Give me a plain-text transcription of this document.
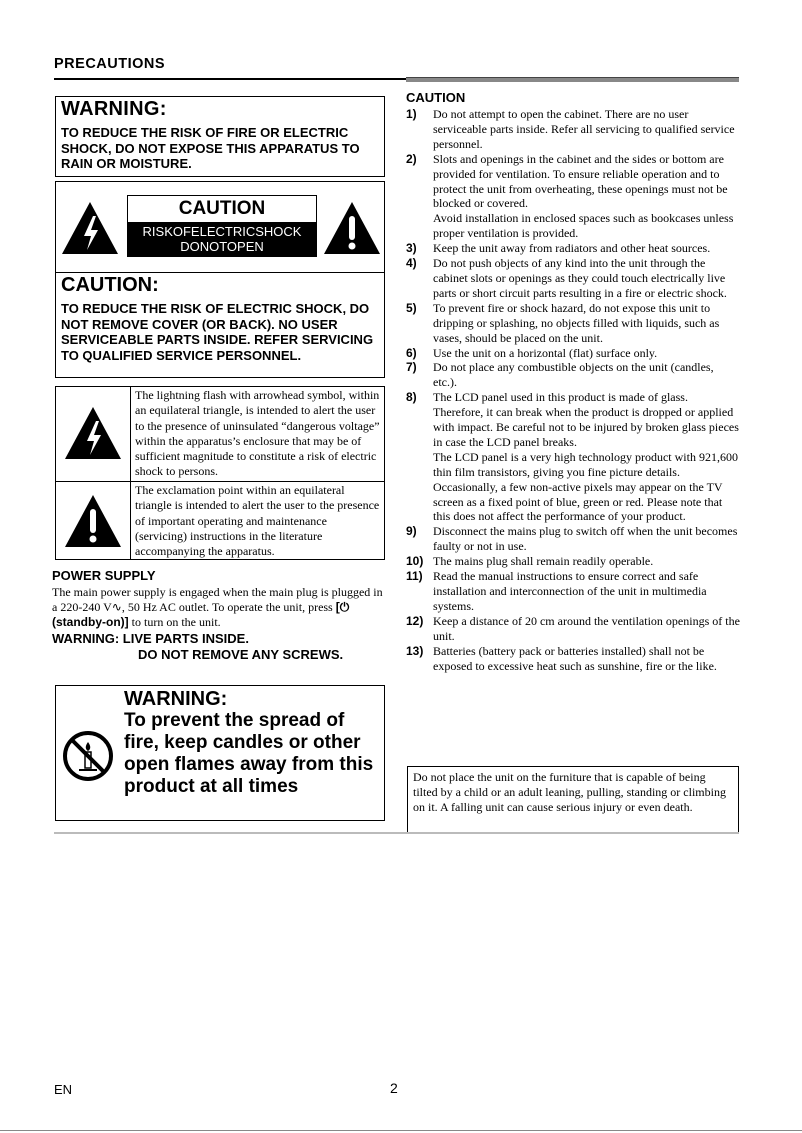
PRECAUTIONS
WARNING:
TO REDUCE THE RISK OF FIRE OR ELECTRIC SHOCK, DO NOT EXPOSE THIS APPARATUS TO RAIN OR MOISTURE.
CAUTION
RISKOFELECTRICSHOCK
DONOTOPEN
CAUTION:
TO REDUCE THE RISK OF ELECTRIC SHOCK, DO NOT REMOVE COVER (OR BACK). NO USER SERVICEABLE PARTS INSIDE. REFER SERVICING TO QUALIFIED SERVICE PERSONNEL.
The lightning flash with arrowhead symbol, within an equilateral triangle, is intended to alert the user to the presence of uninsulated “dangerous voltage” within the apparatus’s enclosure that may be of sufficient magnitude to constitute a risk of electric shock to persons.
The exclamation point within an equilateral triangle is intended to alert the user to the presence of important operating and maintenance (servicing) instructions in the literature accompanying the apparatus.
POWER SUPPLY
The main power supply is engaged when the main plug is plugged in a 220-240 V∿, 50 Hz AC outlet. To operate the unit, press [⏻ (standby-on)] to turn on the unit.
WARNING: LIVE PARTS INSIDE.
DO NOT REMOVE ANY SCREWS.
WARNING:
To prevent the spread of fire, keep candles or other open flames away from this product at all times
CAUTION
1) Do not attempt to open the cabinet. There are no user serviceable parts inside. Refer all servicing to qualified service personnel.
2) Slots and openings in the cabinet and the sides or bottom are provided for ventilation. To ensure reliable operation and to protect the unit from overheating, these openings must not be blocked or covered.
Avoid installation in enclosed spaces such as bookcases unless proper ventilation is provided.
3) Keep the unit away from radiators and other heat sources.
4) Do not push objects of any kind into the unit through the cabinet slots or openings as they could touch electrically live parts or short circuit parts resulting in a fire or electric shock.
5) To prevent fire or shock hazard, do not expose this unit to dripping or splashing, no objects filled with liquids, such as vases, should be placed on the unit.
6) Use the unit on a horizontal (flat) surface only.
7) Do not place any combustible objects on the unit (candles, etc.).
8) The LCD panel used in this product is made of glass. Therefore, it can break when the product is dropped or applied with impact. Be careful not to be injured by broken glass pieces in case the LCD panel breaks.
The LCD panel is a very high technology product with 921,600 thin film transistors, giving you fine picture details. Occasionally, a few non-active pixels may appear on the TV screen as a fixed point of blue, green or red. Please note that this does not affect the performance of your product.
9) Disconnect the mains plug to switch off when the unit becomes faulty or not in use.
10) The mains plug shall remain readily operable.
11) Read the manual instructions to ensure correct and safe installation and interconnection of the unit in multimedia systems.
12) Keep a distance of 20 cm around the ventilation openings of the unit.
13) Batteries (battery pack or batteries installed) shall not be exposed to excessive heat such as sunshine, fire or the like.
Do not place the unit on the furniture that is capable of being tilted by a child or an adult leaning, pulling, standing or climbing on it. A falling unit can cause serious injury or even death.
EN	2
